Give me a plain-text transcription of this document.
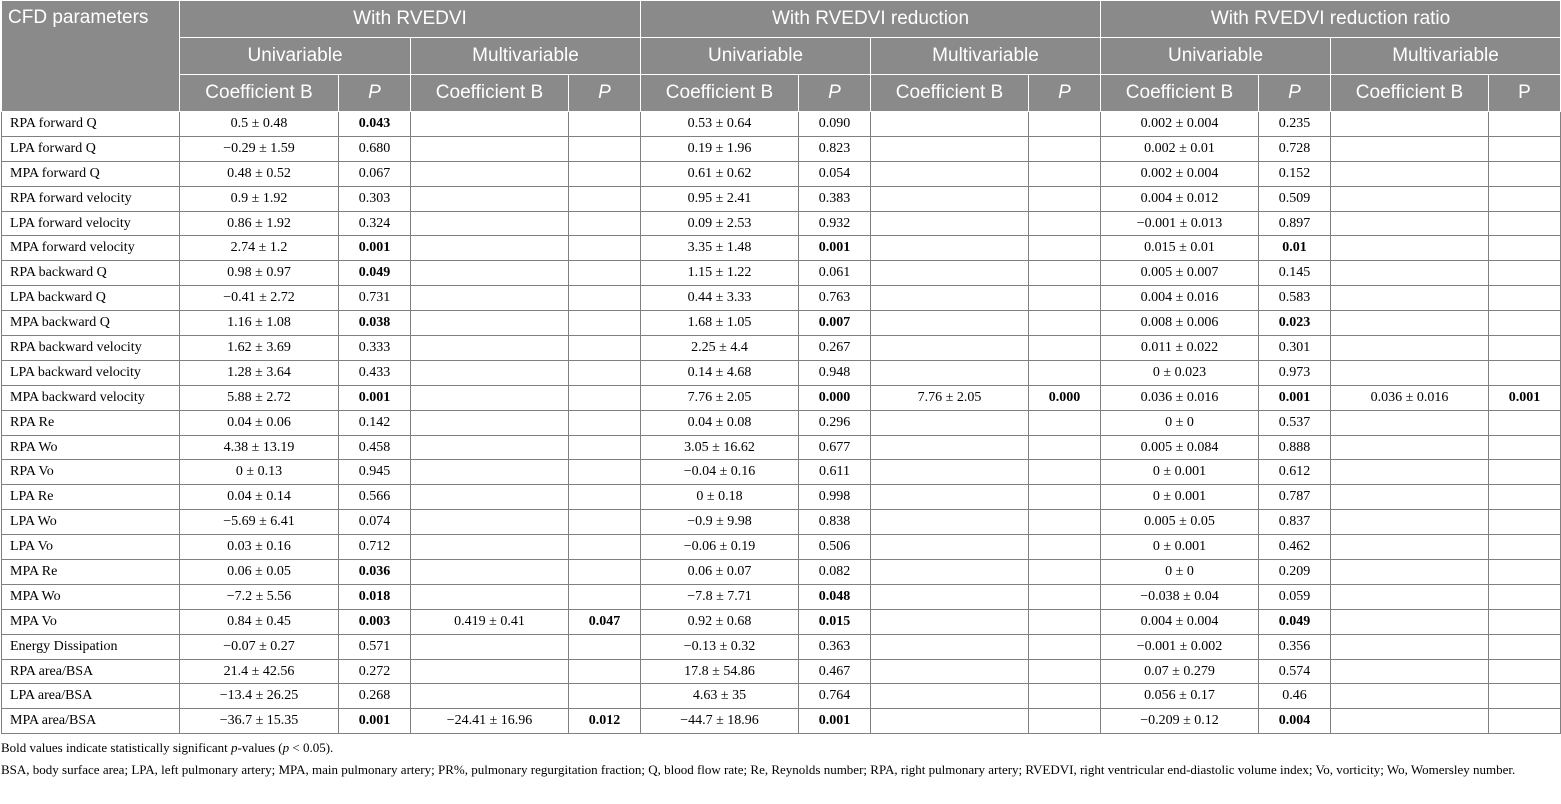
CFD parameters	With RVEDVI				With RVEDVI reduction				With RVEDVI reduction ratio			
	Univariable		Multivariable		Univariable		Multivariable		Univariable		Multivariable	
	Coefficient B	P	Coefficient B	P	Coefficient B	P	Coefficient B	P	Coefficient B	P	Coefficient B	P
RPA forward Q	0.5 ± 0.48	0.043			0.53 ± 0.64	0.090			0.002 ± 0.004	0.235		
LPA forward Q	−0.29 ± 1.59	0.680			0.19 ± 1.96	0.823			0.002 ± 0.01	0.728		
MPA forward Q	0.48 ± 0.52	0.067			0.61 ± 0.62	0.054			0.002 ± 0.004	0.152		
RPA forward velocity	0.9 ± 1.92	0.303			0.95 ± 2.41	0.383			0.004 ± 0.012	0.509		
LPA forward velocity	0.86 ± 1.92	0.324			0.09 ± 2.53	0.932			−0.001 ± 0.013	0.897		
MPA forward velocity	2.74 ± 1.2	0.001			3.35 ± 1.48	0.001			0.015 ± 0.01	0.01		
RPA backward Q	0.98 ± 0.97	0.049			1.15 ± 1.22	0.061			0.005 ± 0.007	0.145		
LPA backward Q	−0.41 ± 2.72	0.731			0.44 ± 3.33	0.763			0.004 ± 0.016	0.583		
MPA backward Q	1.16 ± 1.08	0.038			1.68 ± 1.05	0.007			0.008 ± 0.006	0.023		
RPA backward velocity	1.62 ± 3.69	0.333			2.25 ± 4.4	0.267			0.011 ± 0.022	0.301		
LPA backward velocity	1.28 ± 3.64	0.433			0.14 ± 4.68	0.948			0 ± 0.023	0.973		
MPA backward velocity	5.88 ± 2.72	0.001			7.76 ± 2.05	0.000	7.76 ± 2.05	0.000	0.036 ± 0.016	0.001	0.036 ± 0.016	0.001
RPA Re	0.04 ± 0.06	0.142			0.04 ± 0.08	0.296			0 ± 0	0.537		
RPA Wo	4.38 ± 13.19	0.458			3.05 ± 16.62	0.677			0.005 ± 0.084	0.888		
RPA Vo	0 ± 0.13	0.945			−0.04 ± 0.16	0.611			0 ± 0.001	0.612		
LPA Re	0.04 ± 0.14	0.566			0 ± 0.18	0.998			0 ± 0.001	0.787		
LPA Wo	−5.69 ± 6.41	0.074			−0.9 ± 9.98	0.838			0.005 ± 0.05	0.837		
LPA Vo	0.03 ± 0.16	0.712			−0.06 ± 0.19	0.506			0 ± 0.001	0.462		
MPA Re	0.06 ± 0.05	0.036			0.06 ± 0.07	0.082			0 ± 0	0.209		
MPA Wo	−7.2 ± 5.56	0.018			−7.8 ± 7.71	0.048			−0.038 ± 0.04	0.059		
MPA Vo	0.84 ± 0.45	0.003	0.419 ± 0.41	0.047	0.92 ± 0.68	0.015			0.004 ± 0.004	0.049		
Energy Dissipation	−0.07 ± 0.27	0.571			−0.13 ± 0.32	0.363			−0.001 ± 0.002	0.356		
RPA area/BSA	21.4 ± 42.56	0.272			17.8 ± 54.86	0.467			0.07 ± 0.279	0.574		
LPA area/BSA	−13.4 ± 26.25	0.268			4.63 ± 35	0.764			0.056 ± 0.17	0.46		
MPA area/BSA	−36.7 ± 15.35	0.001	−24.41 ± 16.96	0.012	−44.7 ± 18.96	0.001			−0.209 ± 0.12	0.004		

Bold values indicate statistically significant p-values (p < 0.05).

BSA, body surface area; LPA, left pulmonary artery; MPA, main pulmonary artery; PR%, pulmonary regurgitation fraction; Q, blood flow rate; Re, Reynolds number; RPA, right pulmonary artery; RVEDVI, right ventricular end-diastolic volume index; Vo, vorticity; Wo, Womersley number.
